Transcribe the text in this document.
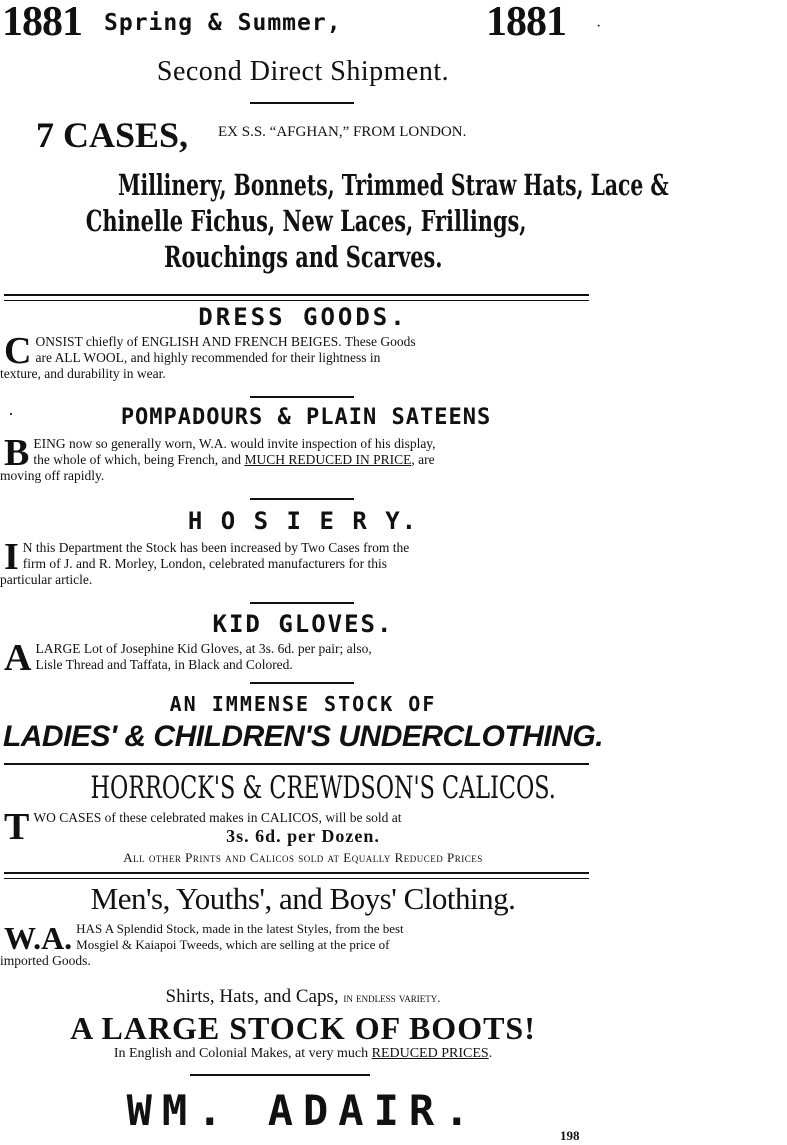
1881 Spring & Summer,	1881 ·
Second Direct Shipment.
7 CASES, EX S.S. “AFGHAN,” FROM LONDON.
Millinery, Bonnets, Trimmed Straw Hats, Lace &
Chinelle Fichus, New Laces, Frillings,
Rouchings and Scarves.
DRESS GOODS.
C ONSIST chiefly of ENGLISH AND FRENCH BEIGES. These Goods
are ALL WOOL, and highly recommended for their lightness in
texture, and durability in wear.
·	POMPADOURS & PLAIN SATEENS
B EING now so generally worn, W.A. would invite inspection of his display,
the whole of which, being French, and MUCH REDUCED IN PRICE, are
moving off rapidly.
H O S I E R Y.
I N this Department the Stock has been increased by Two Cases from the
firm of J. and R. Morley, London, celebrated manufacturers for this
particular article.
KID GLOVES.
A LARGE Lot of Josephine Kid Gloves, at 3s. 6d. per pair; also,
Lisle Thread and Taffata, in Black and Colored.
AN IMMENSE STOCK OF
LADIES' & CHILDREN'S UNDERCLOTHING.
HORROCK'S & CREWDSON'S CALICOS.
T WO CASES of these celebrated makes in CALICOS, will be sold at
3s. 6d. per Dozen.
All other Prints and Calicos sold at Equally Reduced Prices
Men's, Youths', and Boys' Clothing.
W.A. HAS A Splendid Stock, made in the latest Styles, from the best
Mosgiel & Kaiapoi Tweeds, which are selling at the price of
imported Goods.
Shirts, Hats, and Caps, in endless variety.
A LARGE STOCK OF BOOTS!
In English and Colonial Makes, at very much REDUCED PRICES.
WM. ADAIR.
198
